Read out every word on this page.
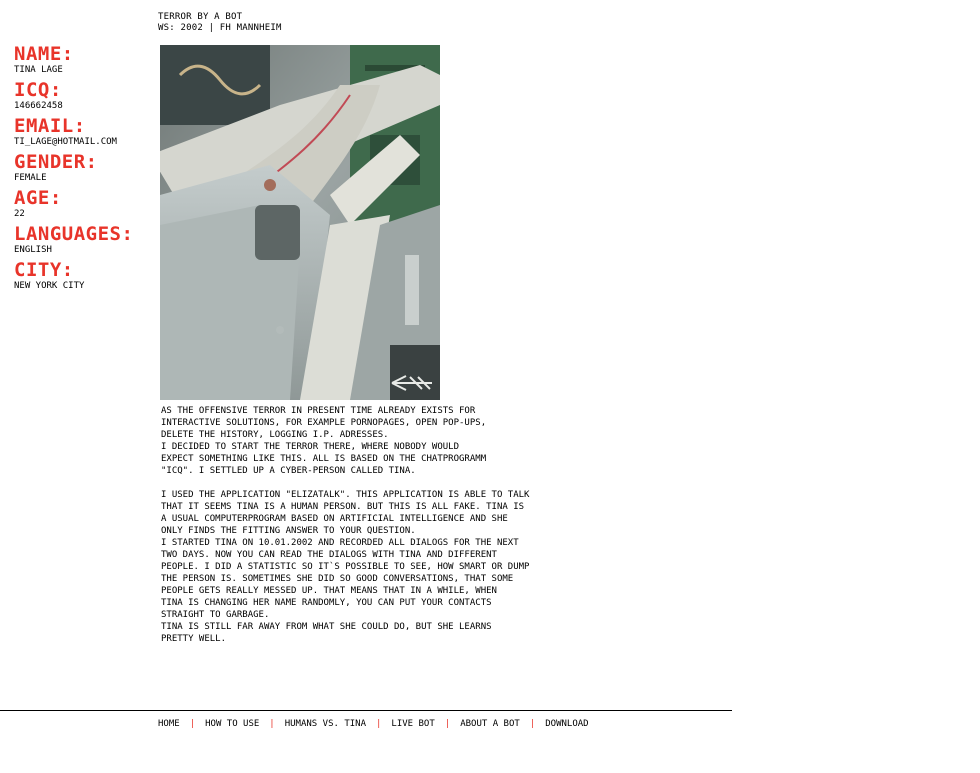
TERROR BY A BOT
WS: 2002 | FH MANNHEIM
NAME:
TINA LAGE
ICQ:
146662458
EMAIL:
TI_LAGE@HOTMAIL.COM
GENDER:
FEMALE
AGE:
22
LANGUAGES:
ENGLISH
CITY:
NEW YORK CITY

AS THE OFFENSIVE TERROR IN PRESENT TIME ALREADY EXISTS FOR
INTERACTIVE SOLUTIONS, FOR EXAMPLE PORNOPAGES, OPEN POP-UPS,
DELETE THE HISTORY, LOGGING I.P. ADRESSES.
I DECIDED TO START THE TERROR THERE, WHERE NOBODY WOULD
EXPECT SOMETHING LIKE THIS. ALL IS BASED ON THE CHATPROGRAMM
"ICQ". I SETTLED UP A CYBER-PERSON CALLED TINA.

I USED THE APPLICATION "ELIZATALK". THIS APPLICATION IS ABLE TO TALK
THAT IT SEEMS TINA IS A HUMAN PERSON. BUT THIS IS ALL FAKE. TINA IS
A USUAL COMPUTERPROGRAM BASED ON ARTIFICIAL INTELLIGENCE AND SHE
ONLY FINDS THE FITTING ANSWER TO YOUR QUESTION.
I STARTED TINA ON 10.01.2002 AND RECORDED ALL DIALOGS FOR THE NEXT
TWO DAYS. NOW YOU CAN READ THE DIALOGS WITH TINA AND DIFFERENT
PEOPLE. I DID A STATISTIC SO IT`S POSSIBLE TO SEE, HOW SMART OR DUMP
THE PERSON IS. SOMETIMES SHE DID SO GOOD CONVERSATIONS, THAT SOME
PEOPLE GETS REALLY MESSED UP. THAT MEANS THAT IN A WHILE, WHEN
TINA IS CHANGING HER NAME RANDOMLY, YOU CAN PUT YOUR CONTACTS
STRAIGHT TO GARBAGE.
TINA IS STILL FAR AWAY FROM WHAT SHE COULD DO, BUT SHE LEARNS
PRETTY WELL.

HOME | HOW TO USE | HUMANS VS. TINA | LIVE BOT | ABOUT A BOT | DOWNLOAD
